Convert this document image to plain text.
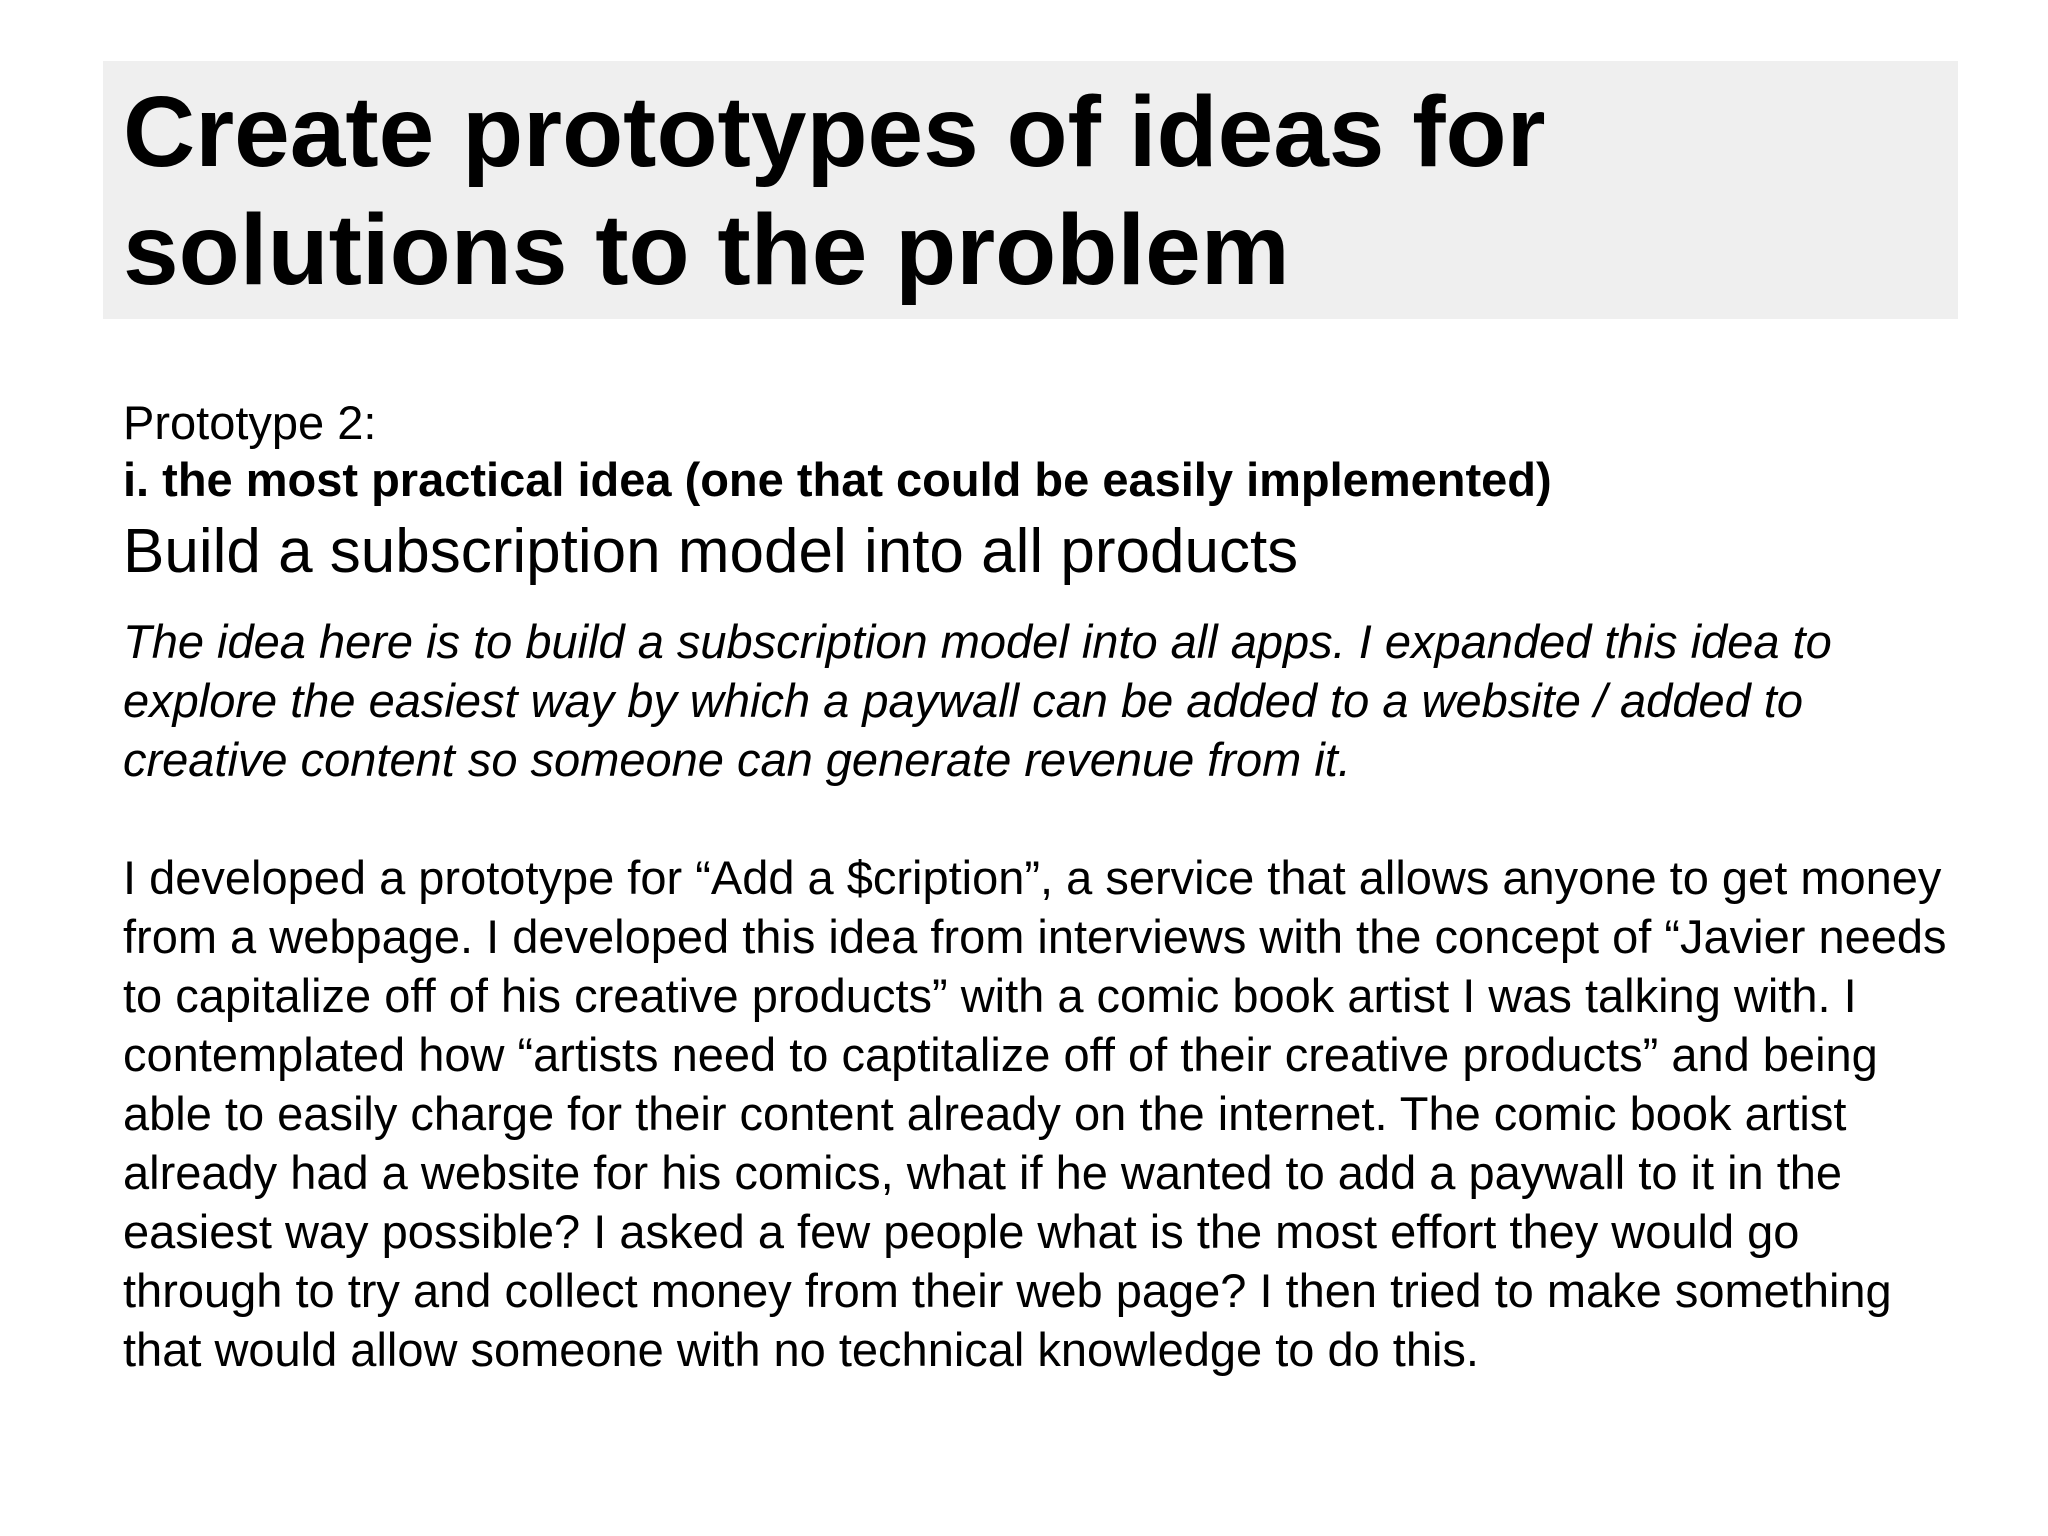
Create prototypes of ideas for solutions to the problem

Prototype 2:

i. the most practical idea (one that could be easily implemented)

Build a subscription model into all products

The idea here is to build a subscription model into all apps. I expanded this idea to explore the easiest way by which a paywall can be added to a website / added to creative content so someone can generate revenue from it.

I developed a prototype for “Add a $cription”, a service that allows anyone to get money from a webpage. I developed this idea from interviews with the concept of “Javier needs to capitalize off of his creative products” with a comic book artist I was talking with. I contemplated how “artists need to captitalize off of their creative products” and being able to easily charge for their content already on the internet. The comic book artist already had a website for his comics, what if he wanted to add a paywall to it in the easiest way possible? I asked a few people what is the most effort they would go through to try and collect money from their web page? I then tried to make something that would allow someone with no technical knowledge to do this.
